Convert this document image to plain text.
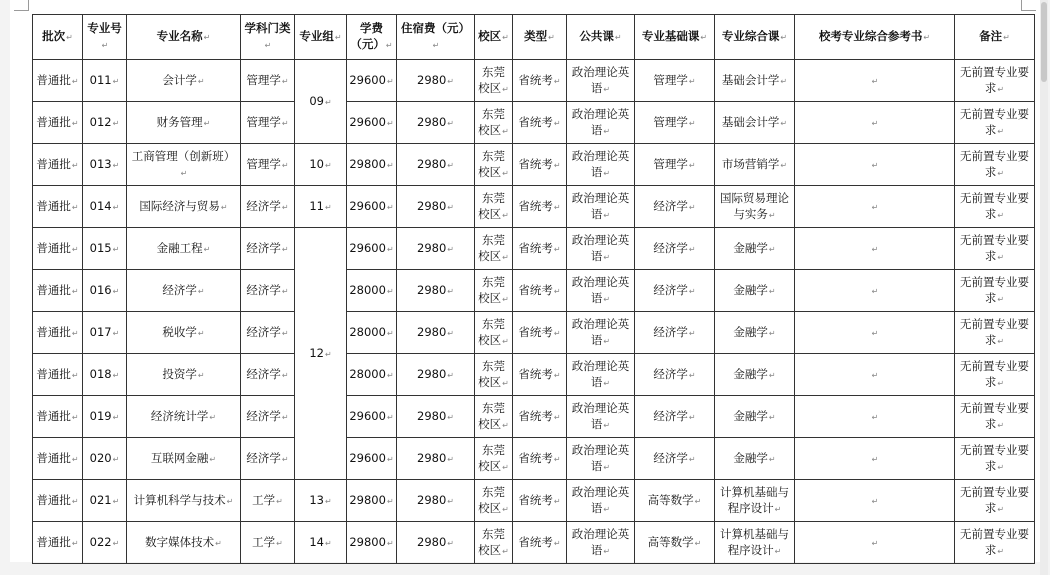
批次↵	专业号↵	专业名称↵	学科门类↵	专业组↵	学费（元）↵	住宿费（元）↵	校区↵	类型↵	公共课↵	专业基础课↵	专业综合课↵	校考专业综合参考书↵	备注↵
普通批↵	011↵	会计学↵	管理学↵	09↵	29600↵	2980↵	东莞校区↵	省统考↵	政治理论英语↵	管理学↵	基础会计学↵	↵	无前置专业要求↵
普通批↵	012↵	财务管理↵	管理学↵		29600↵	2980↵	东莞校区↵	省统考↵	政治理论英语↵	管理学↵	基础会计学↵	↵	无前置专业要求↵
普通批↵	013↵	工商管理（创新班）↵	管理学↵	10↵	29800↵	2980↵	东莞校区↵	省统考↵	政治理论英语↵	管理学↵	市场营销学↵	↵	无前置专业要求↵
普通批↵	014↵	国际经济与贸易↵	经济学↵	11↵	29600↵	2980↵	东莞校区↵	省统考↵	政治理论英语↵	经济学↵	国际贸易理论与实务↵	↵	无前置专业要求↵
普通批↵	015↵	金融工程↵	经济学↵	12↵	29600↵	2980↵	东莞校区↵	省统考↵	政治理论英语↵	经济学↵	金融学↵	↵	无前置专业要求↵
普通批↵	016↵	经济学↵	经济学↵		28000↵	2980↵	东莞校区↵	省统考↵	政治理论英语↵	经济学↵	金融学↵	↵	无前置专业要求↵
普通批↵	017↵	税收学↵	经济学↵		28000↵	2980↵	东莞校区↵	省统考↵	政治理论英语↵	经济学↵	金融学↵	↵	无前置专业要求↵
普通批↵	018↵	投资学↵	经济学↵		28000↵	2980↵	东莞校区↵	省统考↵	政治理论英语↵	经济学↵	金融学↵	↵	无前置专业要求↵
普通批↵	019↵	经济统计学↵	经济学↵		29600↵	2980↵	东莞校区↵	省统考↵	政治理论英语↵	经济学↵	金融学↵	↵	无前置专业要求↵
普通批↵	020↵	互联网金融↵	经济学↵		29600↵	2980↵	东莞校区↵	省统考↵	政治理论英语↵	经济学↵	金融学↵	↵	无前置专业要求↵
普通批↵	021↵	计算机科学与技术↵	工学↵	13↵	29800↵	2980↵	东莞校区↵	省统考↵	政治理论英语↵	高等数学↵	计算机基础与程序设计↵	↵	无前置专业要求↵
普通批↵	022↵	数字媒体技术↵	工学↵	14↵	29800↵	2980↵	东莞校区↵	省统考↵	政治理论英语↵	高等数学↵	计算机基础与程序设计↵	↵	无前置专业要求↵
